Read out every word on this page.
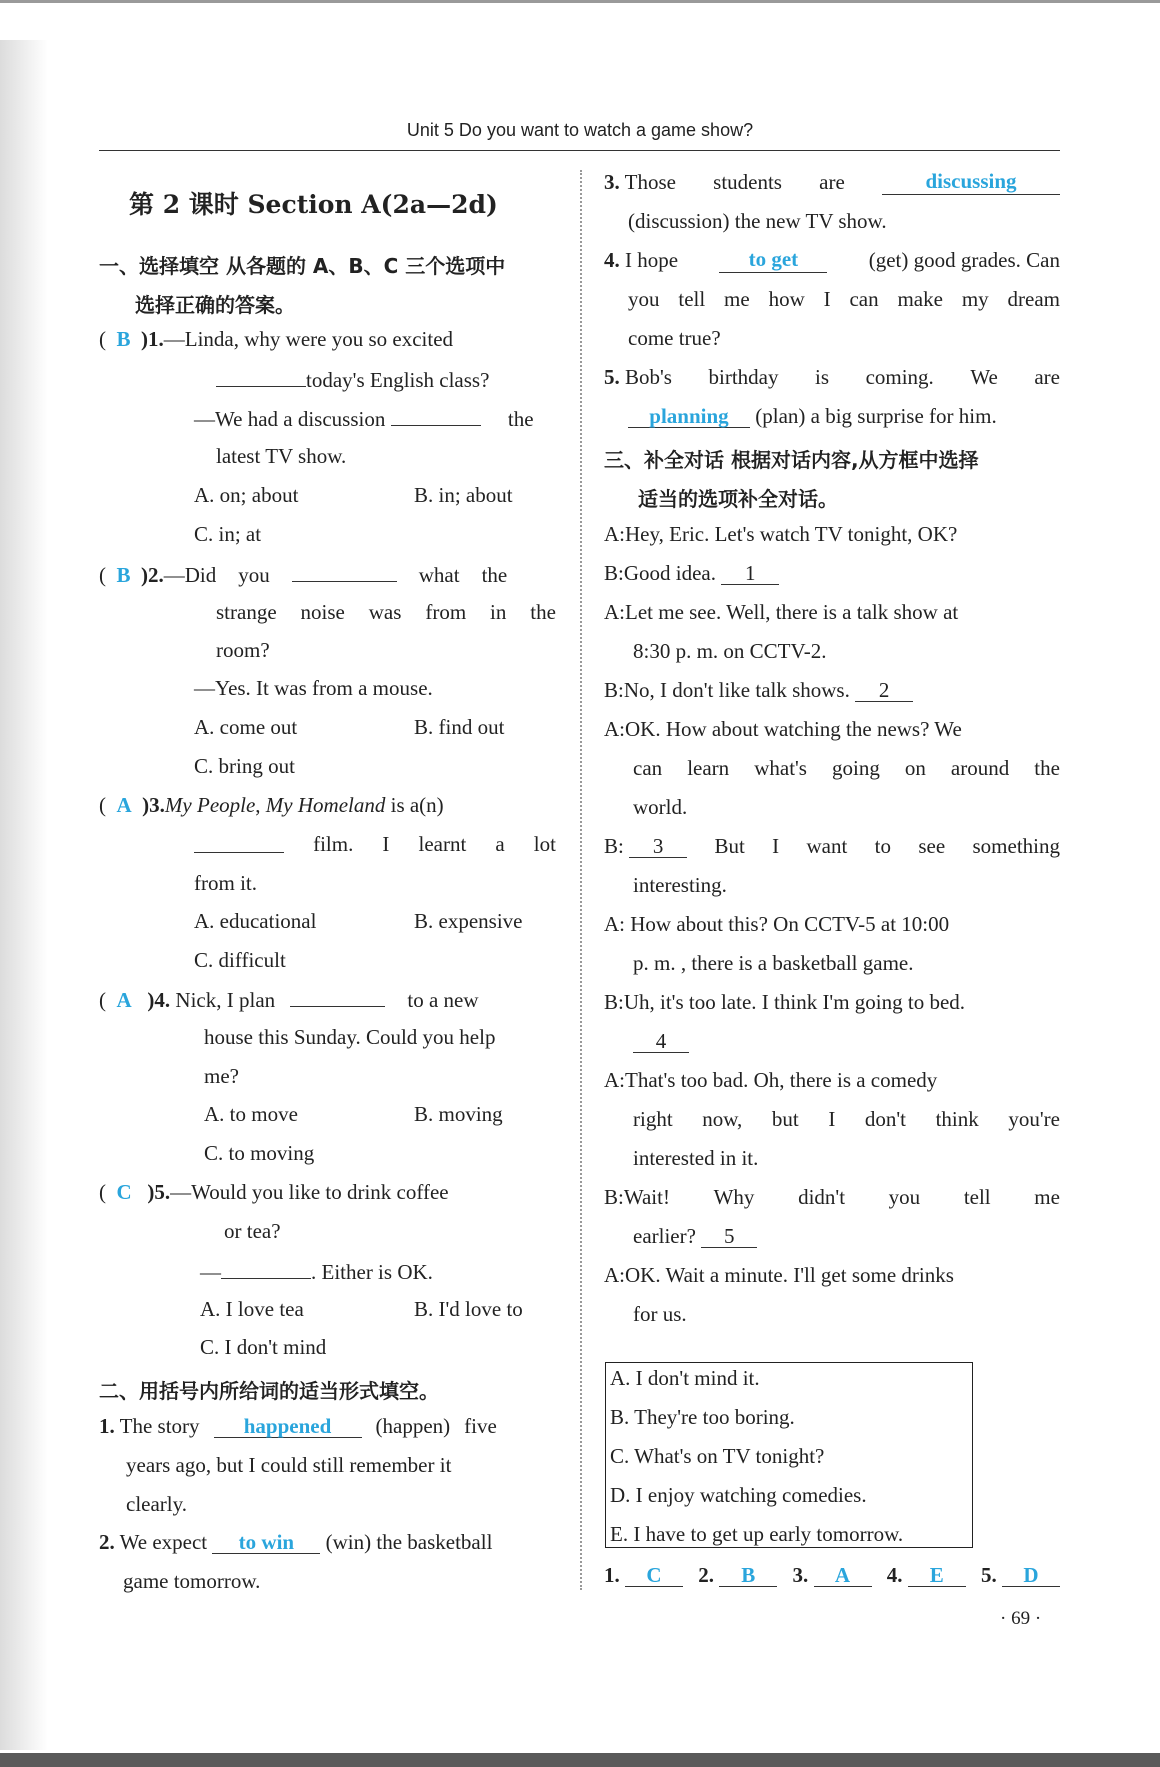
Unit 5 Do you want to watch a game show?
第 2 课时 Section A(2a—2d)
一、选择填空 从各题的 A、B、C 三个选项中
选择正确的答案。
(  B )1.—Linda, why were you so excited
today's English class?
—We had a discussion	the
latest TV show.
A. on; about	B. in; about
C. in; at
(  B )2.—Did you	what the
strange noise was from in the
room?
—Yes. It was from a mouse.
A. come out	B. find out
C. bring out
(  A )3.My People, My Homeland is a(n)
film. I learnt a lot
from it.
A. educational	B. expensive
C. difficult
(  A )4. Nick, I plan	to a new
house this Sunday. Could you help
me?
A. to move	B. moving
C. to moving
(  C )5.—Would you like to drink coffee
or tea?
—	. Either is OK.
A. I love tea	B. I'd love to
C. I don't mind
二、用括号内所给词的适当形式填空。
1. The story happened (happen) five
years ago, but I could still remember it
clearly.
2. We expect to win (win) the basketball
game tomorrow.
3. Those students are	discussing
(discussion) the new TV show.
4. I hope	to get	(get) good grades. Can
you tell me how I can make my dream
come true?
5. Bob's birthday is coming. We are
planning (plan) a big surprise for him.
三、补全对话 根据对话内容,从方框中选择
适当的选项补全对话。
A:Hey, Eric. Let's watch TV tonight, OK?
B:Good idea. 1
A:Let me see. Well, there is a talk show at
8:30 p. m. on CCTV-2.
B:No, I don't like talk shows. 2
A:OK. How about watching the news? We
can learn what's going on around the
world.
B: 3	But I want to see something
interesting.
A: How about this? On CCTV-5 at 10:00
p. m. , there is a basketball game.
B:Uh, it's too late. I think I'm going to bed.
4
A:That's too bad. Oh, there is a comedy
right now, but I don't think you're
interested in it.
B:Wait! Why didn't you tell me
earlier? 5
A:OK. Wait a minute. I'll get some drinks
for us.
A. I don't mind it.
B. They're too boring.
C. What's on TV tonight?
D. I enjoy watching comedies.
E. I have to get up early tomorrow.
1. C	2. B	3. A	4. E	5. D
· 69 ·
